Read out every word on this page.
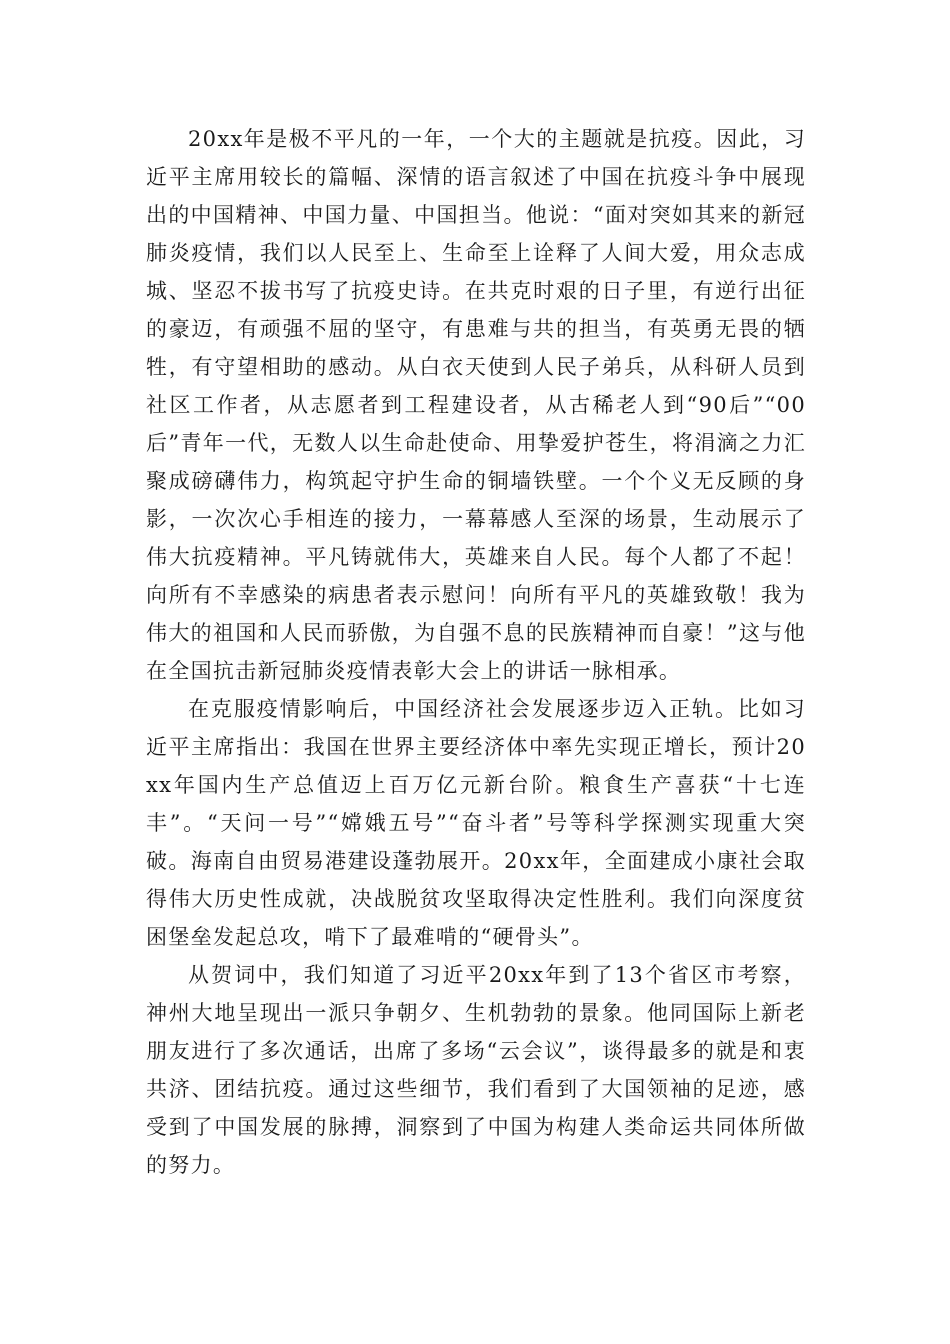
20xx年是极不平凡的一年，一个大的主题就是抗疫。因此，习近平主席用较长的篇幅、深情的语言叙述了中国在抗疫斗争中展现出的中国精神、中国力量、中国担当。他说：“面对突如其来的新冠肺炎疫情，我们以人民至上、生命至上诠释了人间大爱，用众志成城、坚忍不拔书写了抗疫史诗。在共克时艰的日子里，有逆行出征的豪迈，有顽强不屈的坚守，有患难与共的担当，有英勇无畏的牺牲，有守望相助的感动。从白衣天使到人民子弟兵，从科研人员到社区工作者，从志愿者到工程建设者，从古稀老人到“90后”“00后”青年一代，无数人以生命赴使命、用挚爱护苍生，将涓滴之力汇聚成磅礴伟力，构筑起守护生命的铜墙铁壁。一个个义无反顾的身影，一次次心手相连的接力，一幕幕感人至深的场景，生动展示了伟大抗疫精神。平凡铸就伟大，英雄来自人民。每个人都了不起！向所有不幸感染的病患者表示慰问！向所有平凡的英雄致敬！我为伟大的祖国和人民而骄傲，为自强不息的民族精神而自豪！”这与他在全国抗击新冠肺炎疫情表彰大会上的讲话一脉相承。

在克服疫情影响后，中国经济社会发展逐步迈入正轨。比如习近平主席指出：我国在世界主要经济体中率先实现正增长，预计20xx年国内生产总值迈上百万亿元新台阶。粮食生产喜获“十七连丰”。“天问一号”“嫦娥五号”“奋斗者”号等科学探测实现重大突破。海南自由贸易港建设蓬勃展开。20xx年，全面建成小康社会取得伟大历史性成就，决战脱贫攻坚取得决定性胜利。我们向深度贫困堡垒发起总攻，啃下了最难啃的“硬骨头”。

从贺词中，我们知道了习近平20xx年到了13个省区市考察，神州大地呈现出一派只争朝夕、生机勃勃的景象。他同国际上新老朋友进行了多次通话，出席了多场“云会议”，谈得最多的就是和衷共济、团结抗疫。通过这些细节，我们看到了大国领袖的足迹，感受到了中国发展的脉搏，洞察到了中国为构建人类命运共同体所做的努力。
